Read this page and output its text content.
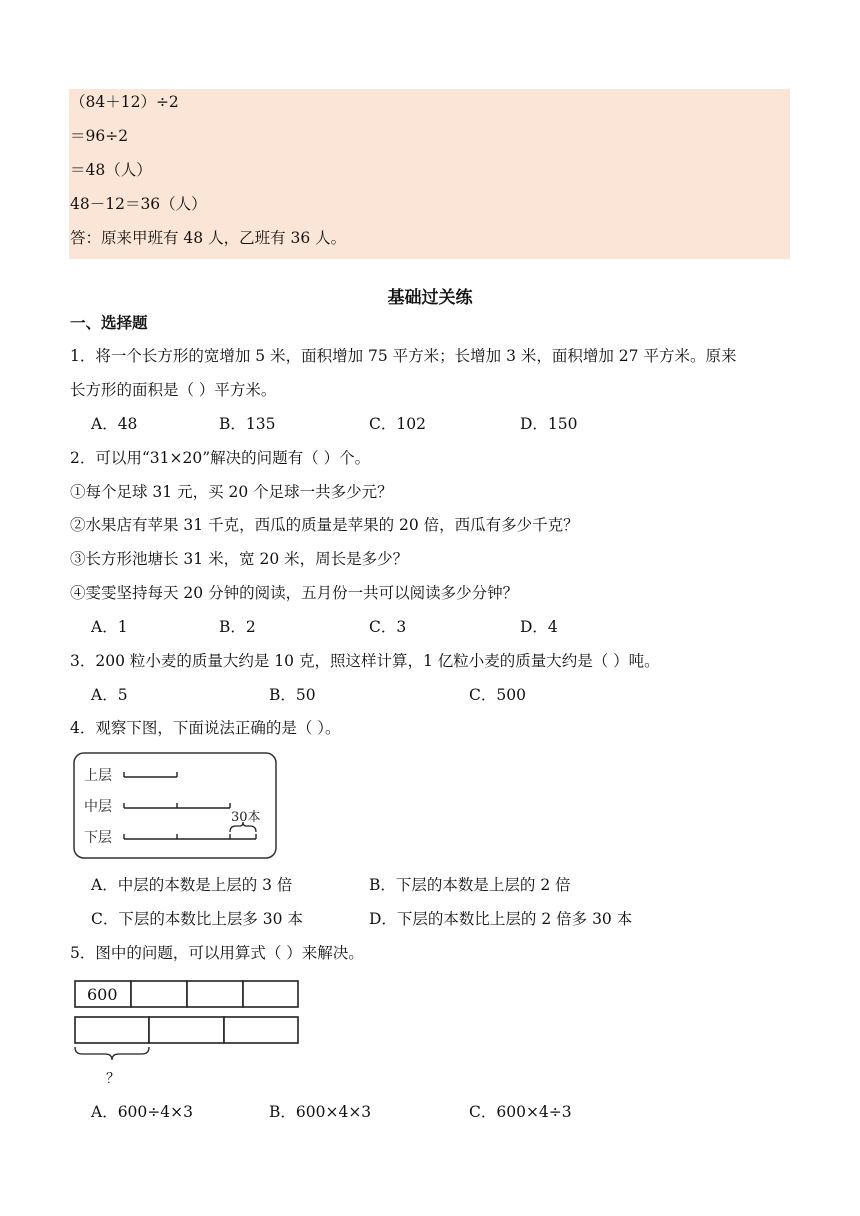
（84＋12）÷2
＝96÷2
＝48（人）
48－12＝36（人）
答：原来甲班有 48 人，乙班有 36 人。
基础过关练
一、选择题
1．将一个长方形的宽增加 5 米，面积增加 75 平方米；长增加 3 米，面积增加 27 平方米。原来
长方形的面积是（ ）平方米。
A．48	B．135	C．102	D．150
2．可以用“31×20”解决的问题有（ ）个。
①每个足球 31 元，买 20 个足球一共多少元？
②水果店有苹果 31 千克，西瓜的质量是苹果的 20 倍，西瓜有多少千克？
③长方形池塘长 31 米，宽 20 米，周长是多少？
④雯雯坚持每天 20 分钟的阅读，五月份一共可以阅读多少分钟？
A．1	B．2	C．3	D．4
3．200 粒小麦的质量大约是 10 克，照这样计算，1 亿粒小麦的质量大约是（ ）吨。
A．5	B．50	C．500
4．观察下图，下面说法正确的是（ ）。
上层
中层
下层
30本
A．中层的本数是上层的 3 倍	B．下层的本数是上层的 2 倍
C．下层的本数比上层多 30 本	D．下层的本数比上层的 2 倍多 30 本
5．图中的问题，可以用算式（ ）来解决。
600
？
A．600÷4×3	B．600×4×3	C．600×4÷3
